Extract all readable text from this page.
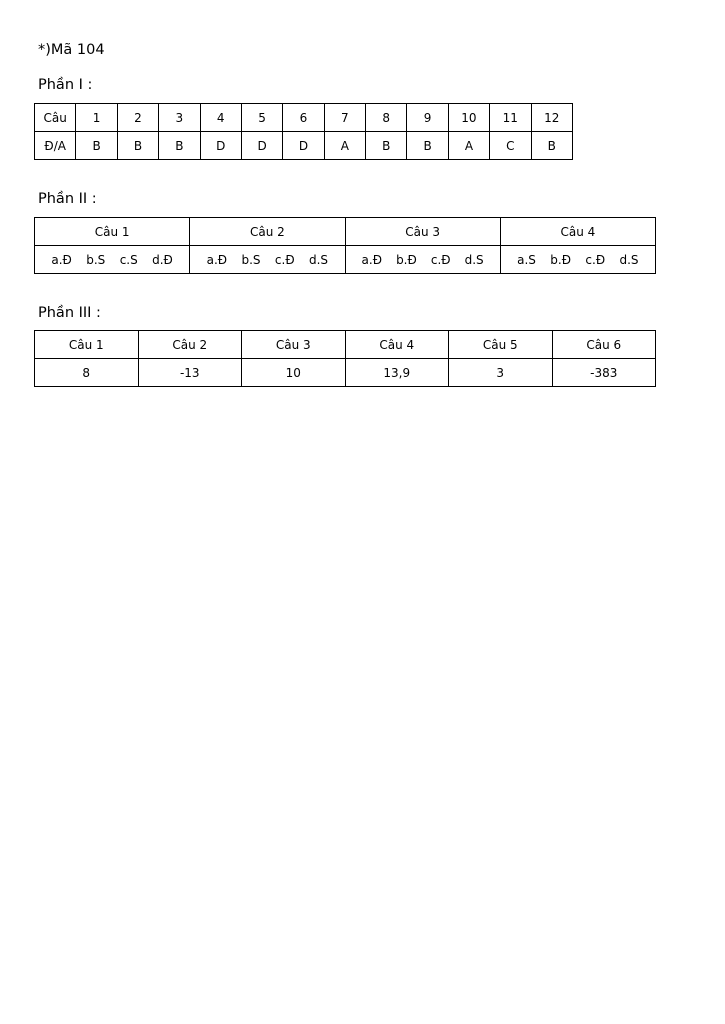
*)Mã 104
Phần I :
Câu	1	2	3	4	5	6	7	8	9	10	11	12
Đ/A	B	B	B	D	D	D	A	B	B	A	C	B
Phần II :
Câu 1	Câu 2	Câu 3	Câu 4

a.Đ b.S c.S d.Đ	a.Đ b.S c.Đ d.S	a.Đ b.Đ c.Đ d.S	a.S b.Đ c.Đ d.S
Phần III :
Câu 1	Câu 2	Câu 3	Câu 4	Câu 5	Câu 6
8	-13	10	13,9	3	-383
